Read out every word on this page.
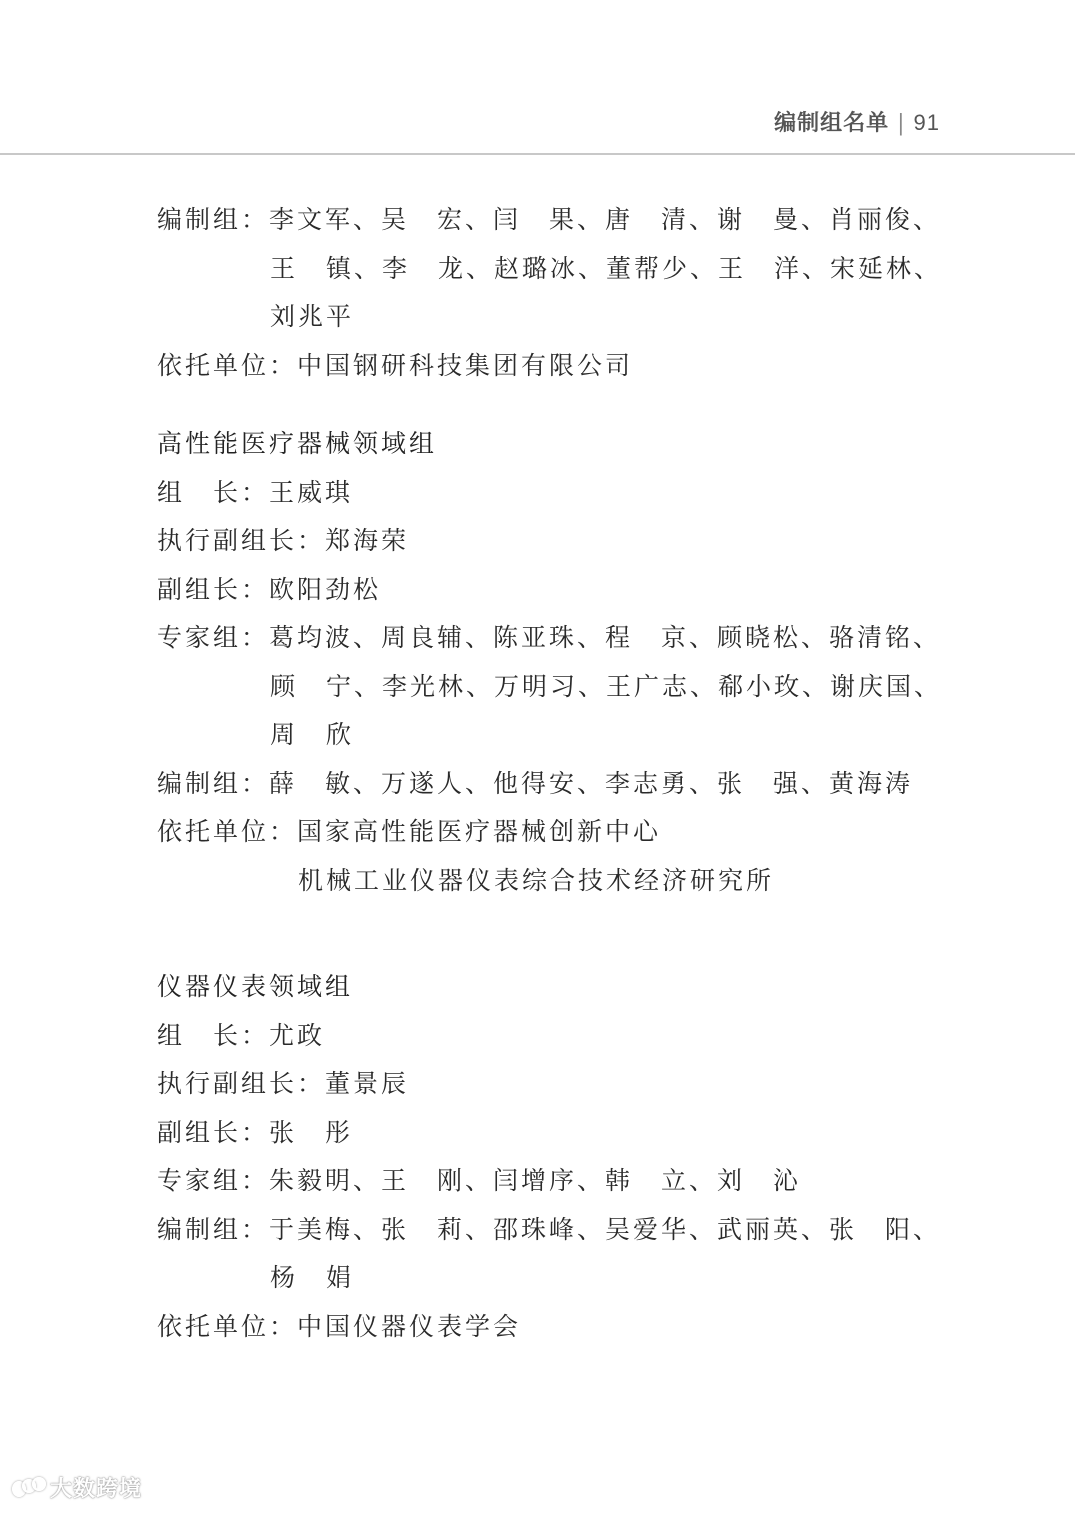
编制组名单 | 91
编制组：李文军、吴　宏、闫　果、唐　清、谢　曼、肖丽俊、
王　镇、李　龙、赵璐冰、董帮少、王　洋、宋延林、
刘兆平
依托单位：中国钢研科技集团有限公司
高性能医疗器械领域组
组　长：王威琪
执行副组长：郑海荣
副组长：欧阳劲松
专家组：葛均波、周良辅、陈亚珠、程　京、顾晓松、骆清铭、
顾　宁、李光林、万明习、王广志、郗小玫、谢庆国、
周　欣
编制组：薛　敏、万遂人、他得安、李志勇、张　强、黄海涛
依托单位：国家高性能医疗器械创新中心
机械工业仪器仪表综合技术经济研究所
仪器仪表领域组
组　长：尤政
执行副组长：董景辰
副组长：张　彤
专家组：朱毅明、王　刚、闫增序、韩　立、刘　沁
编制组：于美梅、张　莉、邵珠峰、吴爱华、武丽英、张　阳、
杨　娟
依托单位：中国仪器仪表学会
大数跨境
